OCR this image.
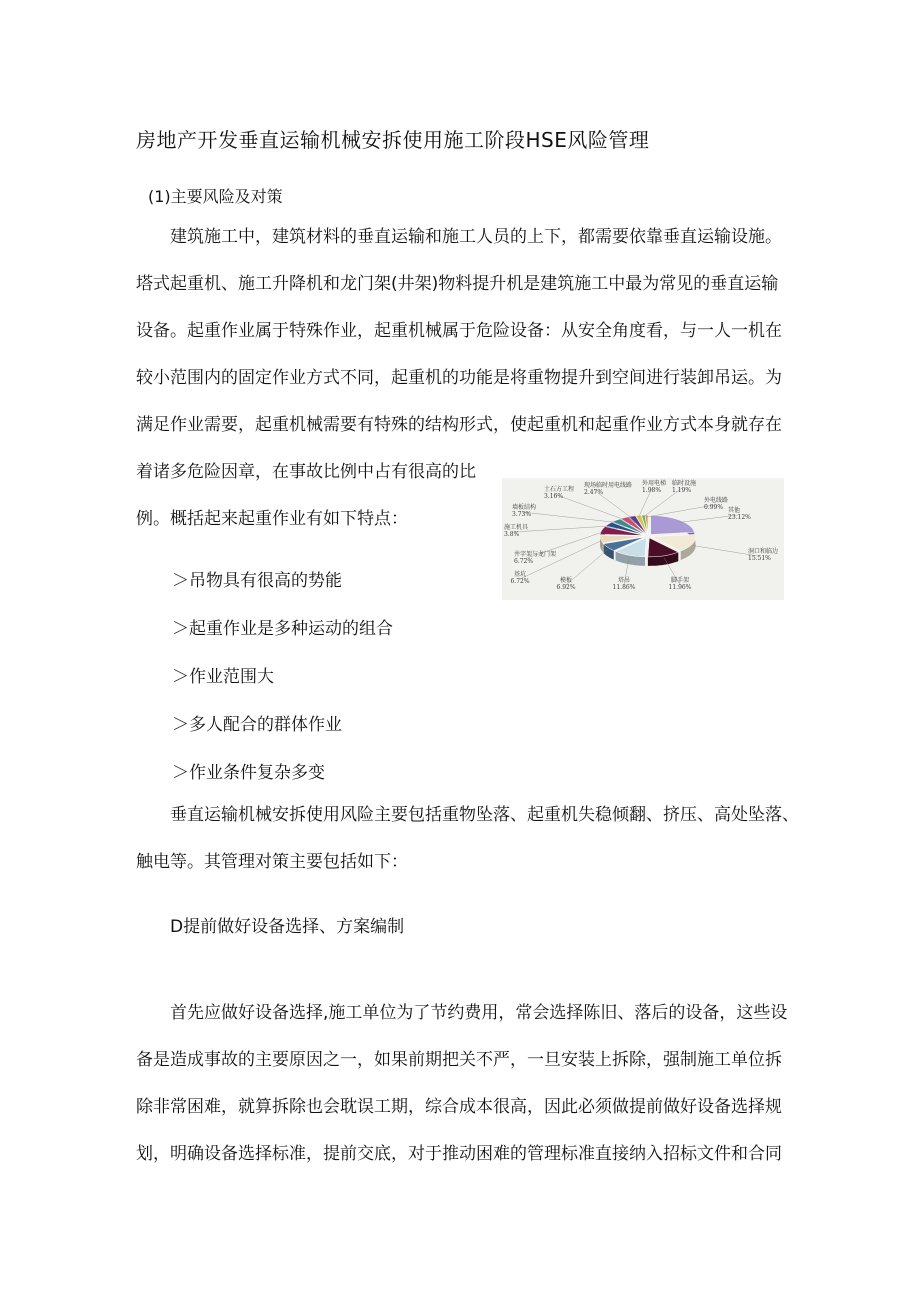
房地产开发垂直运输机械安拆使用施工阶段HSE风险管理
(1)主要风险及对策

建筑施工中，建筑材料的垂直运输和施工人员的上下，都需要依靠垂直运输设施。
塔式起重机、施工升降机和龙门架(井架)物料提升机是建筑施工中最为常见的垂直运输
设备。起重作业属于特殊作业，起重机械属于危险设备：从安全角度看，与一人一机在
较小范围内的固定作业方式不同，起重机的功能是将重物提升到空间进行装卸吊运。为
满足作业需要，起重机械需要有特殊的结构形式，使起重机和起重作业方式本身就存在
着诸多危险因章，在事故比例中占有很高的比
例。概括起来起重作业有如下特点：	其他
23.12%
洞口和临边
15.51%
脚手架
11.96%
塔吊
11.86%
模板
6.92%
基坑
6.72%
井字架与龙门架
6.72%
施工机具
3.8%
墙板结构
3.73%
土石方工程
3.16%
现场临时用电线路
2.47%
外用电梯
1.98%
临时设施
1.19%
外电线路
0.99%
＞吊物具有很高的势能
＞起重作业是多种运动的组合
＞作业范围大
＞多人配合的群体作业
＞作业条件复杂多变

垂直运输机械安拆使用风险主要包括重物坠落、起重机失稳倾翻、挤压、高处坠落、
触电等。其管理对策主要包括如下：

D提前做好设备选择、方案编制

首先应做好设备选择,施工单位为了节约费用，常会选择陈旧、落后的设备，这些设
备是造成事故的主要原因之一，如果前期把关不严，一旦安装上拆除，强制施工单位拆
除非常困难，就算拆除也会耽误工期，综合成本很高，因此必须做提前做好设备选择规
划，明确设备选择标准，提前交底，对于推动困难的管理标准直接纳入招标文件和合同
